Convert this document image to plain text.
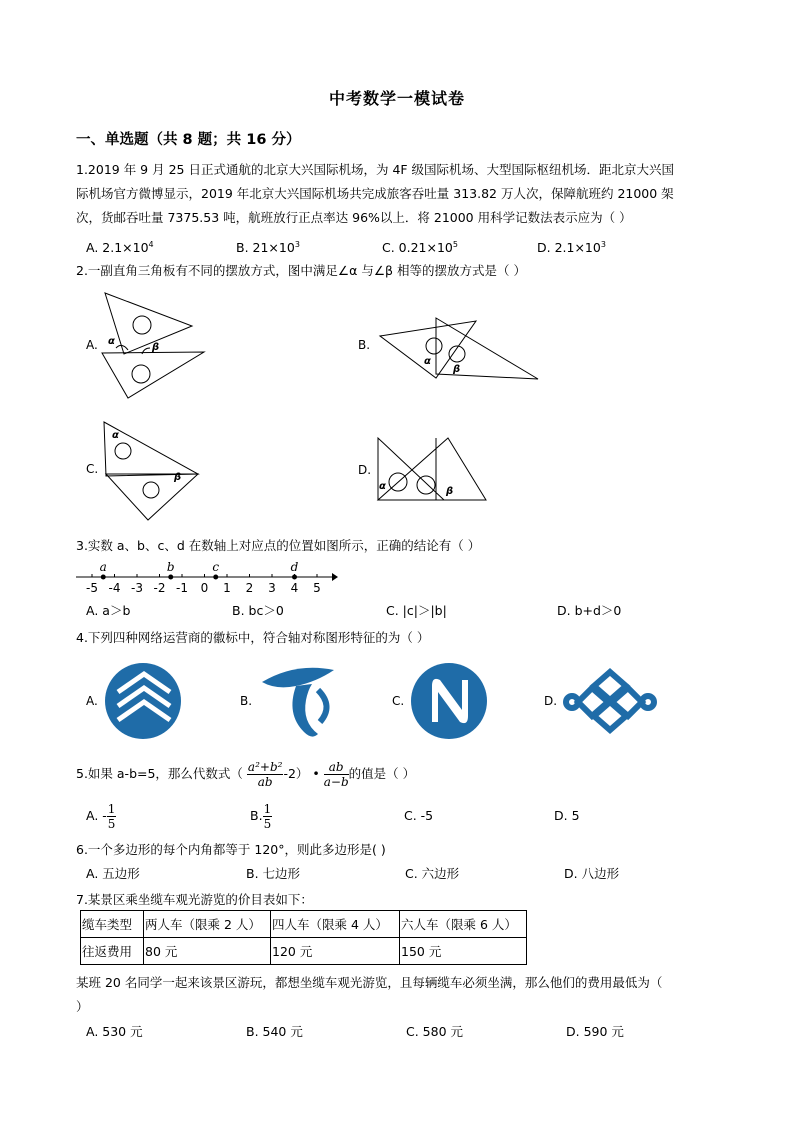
中考数学一模试卷
一、单选题（共 8 题；共 16 分）
1.2019 年 9 月 25 日正式通航的北京大兴国际机场，为 4F 级国际机场、大型国际枢纽机场．距北京大兴国
际机场官方微博显示，2019 年北京大兴国际机场共完成旅客吞吐量 313.82 万人次，保障航班约 21000 架
次，货邮吞吐量 7375.53 吨，航班放行正点率达 96%以上．将 21000 用科学记数法表示应为（ ）
A. $2.1\times 10^4$	B. $21\times 10^3$	C. $0.21\times 10^5$	D. $2.1\times 10^3$
2.一副直角三角板有不同的摆放方式，图中满足∠α 与∠β 相等的摆放方式是（ ）
A. α
β	B.
α
β
C.
α
β
D.
α	β
3.实数 a、b、c、d 在数轴上对应点的位置如图所示，正确的结论有（ ）
-5 -4 -3 -2 -1 0 1 2 3 4 5
a	b	c	d
A. a＞b	B. bc＞0	C. |c|＞|b|	D. b+d＞0
4.下列四种网络运营商的徽标中，符合轴对称图形特征的为（ ）
A.	B.	C.	D.
5.如果 a-b=5，那么代数式（ $\frac{\text{a²+b²}}{ab} -2$） • $\frac{ab}{a-b}$ 的值是（ ）
A. - $\frac{1}{5}$	B. $\frac{1}{5}$	C. -5	D. 5
6.一个多边形的每个内角都等于 120°，则此多边形是( )
A. 五边形	B. 七边形	C. 六边形	D. 八边形
7.某景区乘坐缆车观光游览的价目表如下：
缆车类型	两人车（限乘 2 人）	四人车（限乘 4 人）	六人车（限乘 6 人）
往返费用	80 元	120 元	150 元
某班 20 名同学一起来该景区游玩，都想坐缆车观光游览，且每辆缆车必须坐满，那么他们的费用最低为（
）
A. 530 元	B. 540 元	C. 580 元	D. 590 元
